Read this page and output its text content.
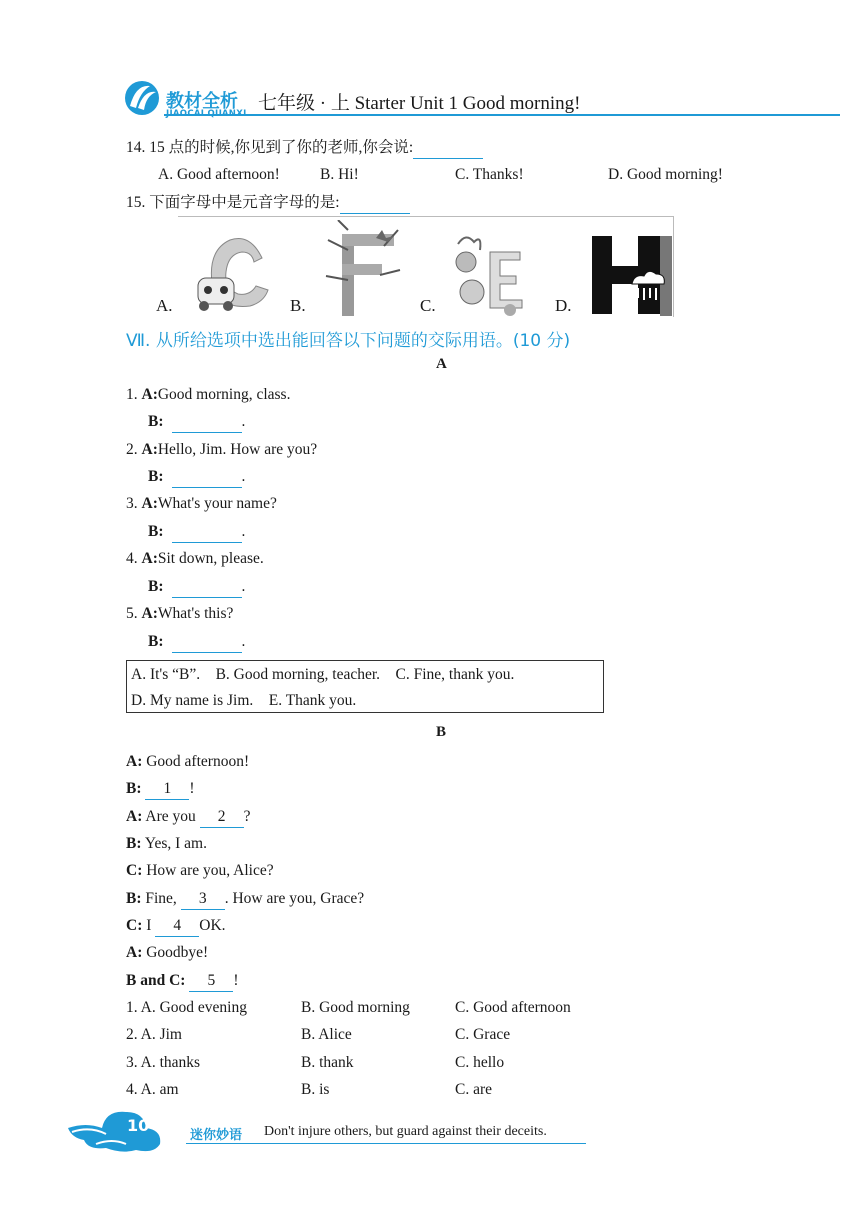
教材全析 七年级 · 上 Starter Unit 1 Good morning!
14. 15 点的时候,你见到了你的老师,你会说:
A. Good afternoon!	B. Hi!	C. Thanks!	D. Good morning!
15. 下面字母中是元音字母的是:
A.	B.	C.	D.
Ⅶ. 从所给选项中选出能回答以下问题的交际用语。(10 分)
A
1. A:Good morning, class.
B:	.
2. A:Hello, Jim. How are you?
B:	.
3. A:What's your name?
B:	.
4. A:Sit down, please.
B:	.
5. A:What's this?
B:	.
A. It's “B”.    B. Good morning, teacher.    C. Fine, thank you.
D. My name is Jim.    E. Thank you.
B
A: Good afternoon!
B: 1 !
A: Are you 2 ?
B: Yes, I am.
C: How are you, Alice?
B: Fine, 3 . How are you, Grace?
C: I 4 OK.
A: Goodbye!
B and C: 5 !
1. A. Good evening	B. Good morning	C. Good afternoon
2. A. Jim	B. Alice	C. Grace
3. A. thanks	B. thank	C. hello
4. A. am	B. is	C. are
10
迷你妙语 Don't injure others, but guard against their deceits.
